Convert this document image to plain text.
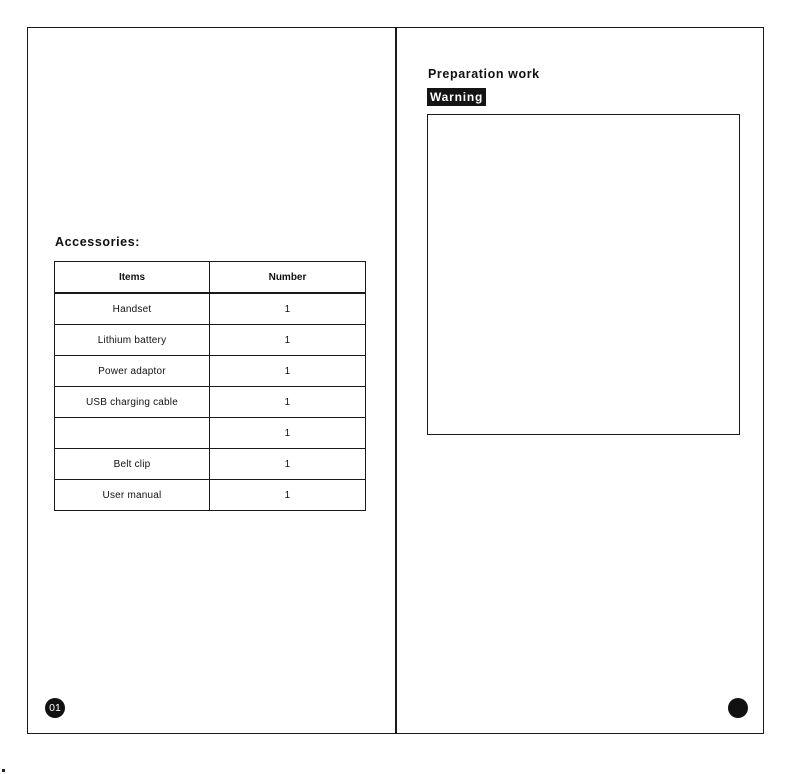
Accessories:
Items	Number
Handset	1
Lithium battery	1
Power adaptor	1
USB charging cable	1
	1
Belt clip	1
User manual	1
01
Preparation work
Warning
